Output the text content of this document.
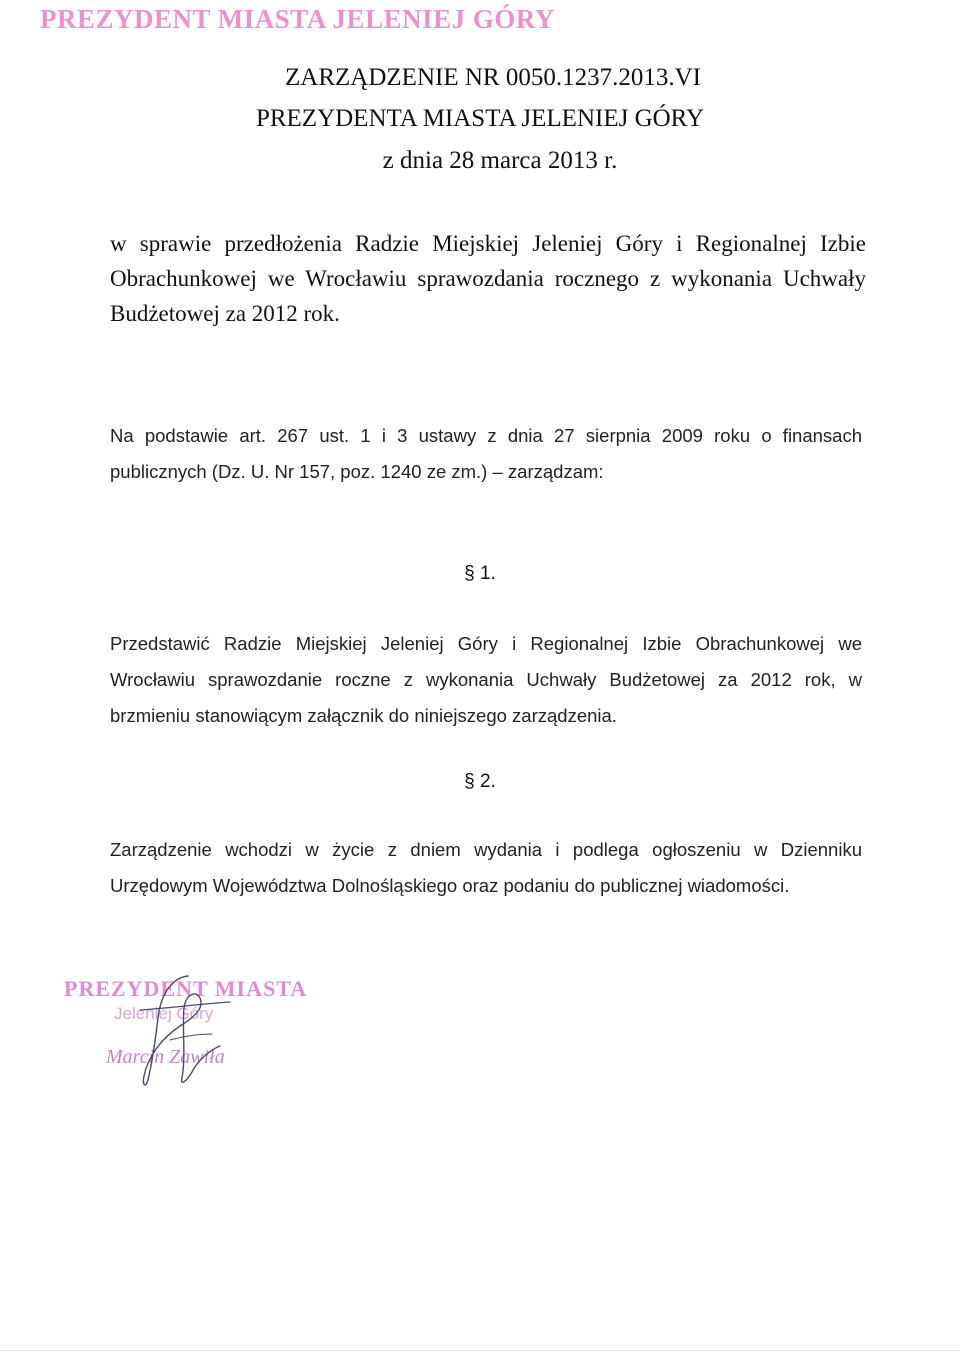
PREZYDENT MIASTA JELENIEJ GÓRY
ZARZĄDZENIE NR 0050.1237.2013.VI
PREZYDENTA MIASTA JELENIEJ GÓRY
z dnia 28 marca 2013 r.
w sprawie przedłożenia Radzie Miejskiej Jeleniej Góry i Regionalnej Izbie Obrachunkowej we Wrocławiu sprawozdania rocznego z wykonania Uchwały Budżetowej za 2012 rok.
Na podstawie art. 267 ust. 1 i 3 ustawy z dnia 27 sierpnia 2009 roku o finansach publicznych (Dz. U. Nr 157, poz. 1240 ze zm.) – zarządzam:
§ 1.
Przedstawić Radzie Miejskiej Jeleniej Góry i Regionalnej Izbie Obrachunkowej we Wrocławiu sprawozdanie roczne z wykonania Uchwały Budżetowej za 2012 rok, w brzmieniu stanowiącym załącznik do niniejszego zarządzenia.
§ 2.
Zarządzenie wchodzi w życie z dniem wydania i podlega ogłoszeniu w Dzienniku Urzędowym Województwa Dolnośląskiego oraz podaniu do publicznej wiadomości.
PREZYDENT MIASTA
Jeleniej Góry
Marcin Zawiła
